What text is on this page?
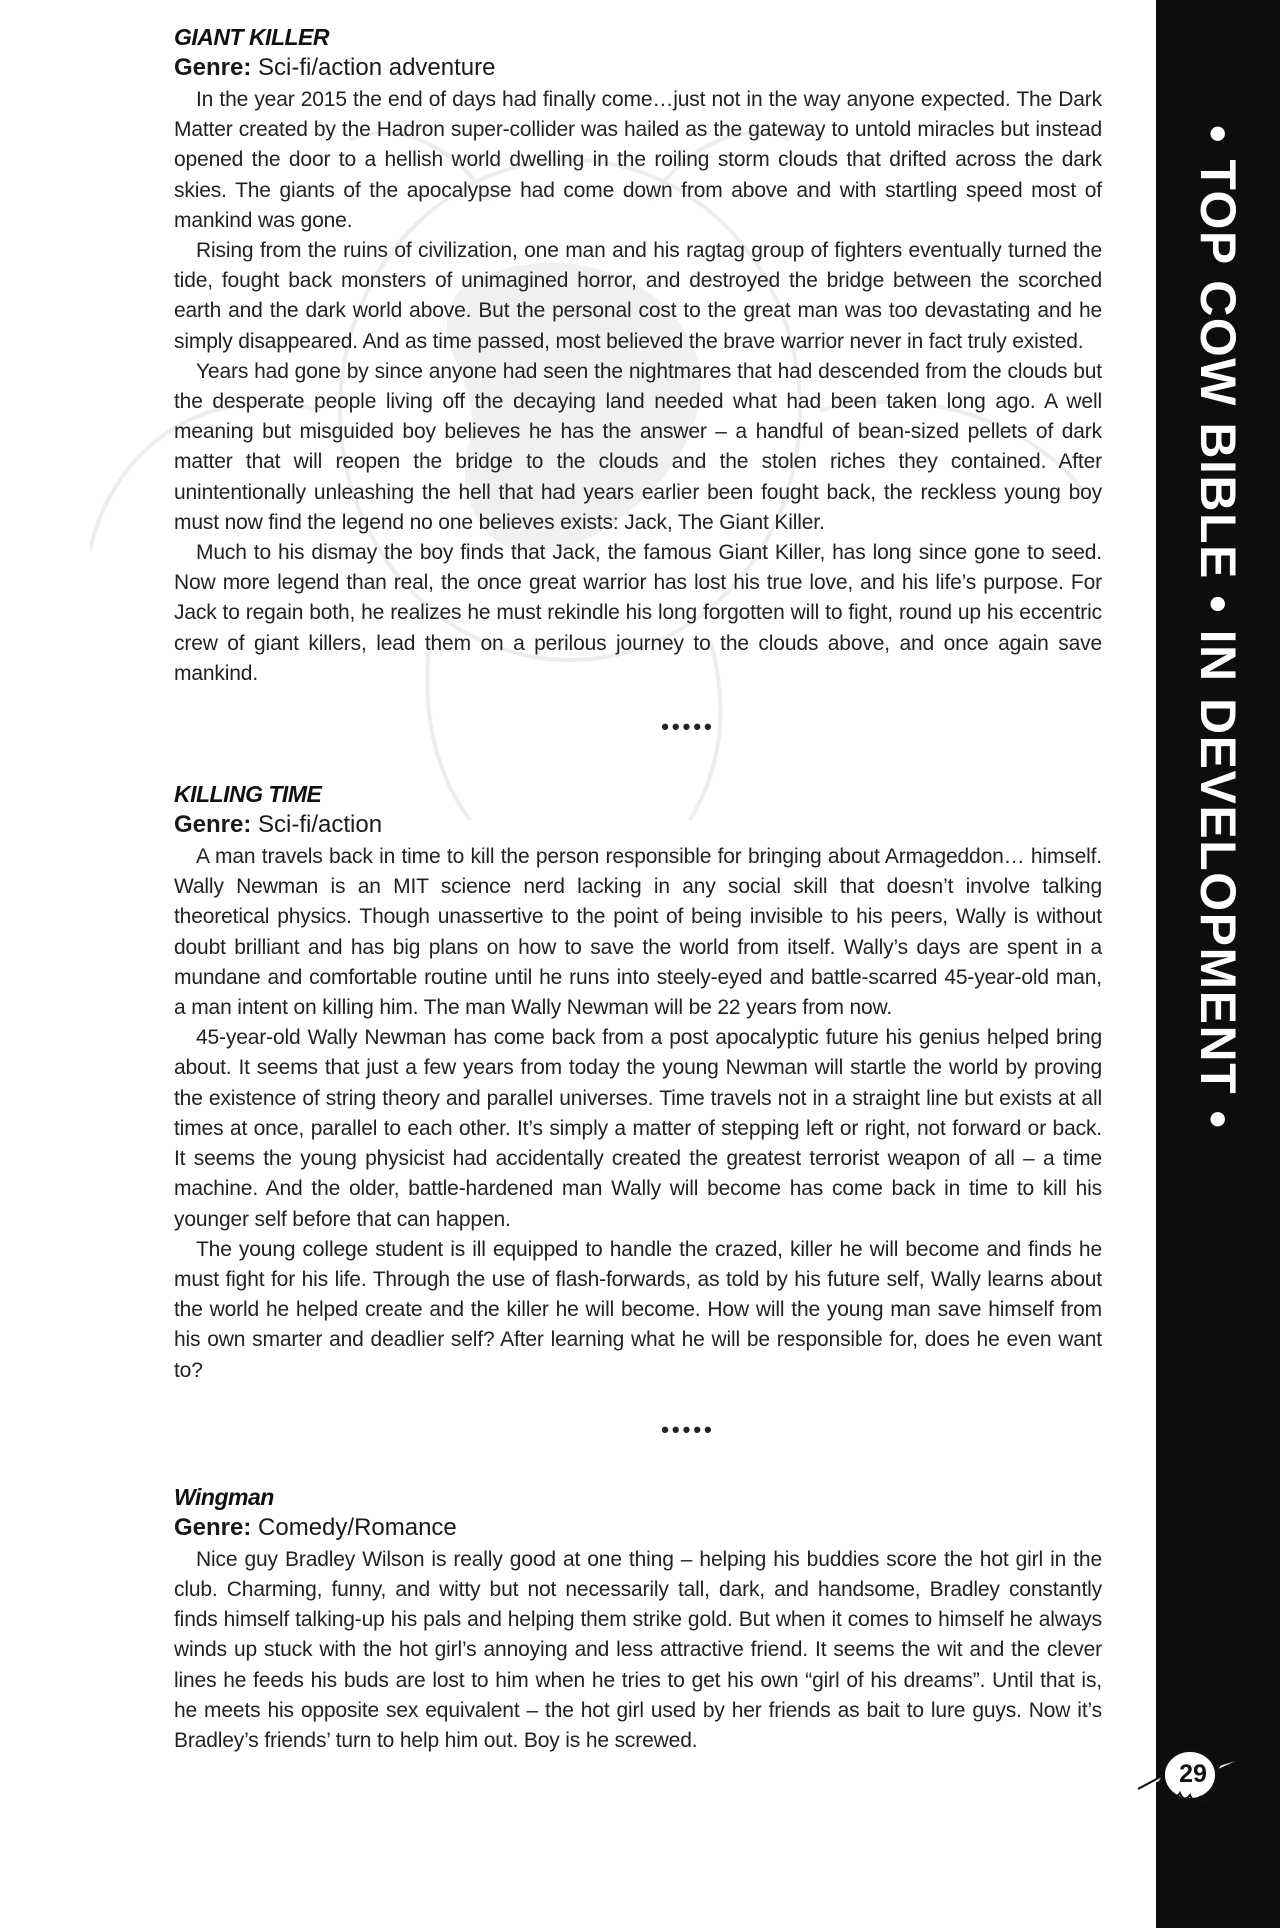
GIANT KILLER
Genre: Sci-fi/action adventure

In the year 2015 the end of days had finally come…just not in the way anyone expected. The Dark Matter created by the Hadron super-collider was hailed as the gateway to untold miracles but instead opened the door to a hellish world dwelling in the roiling storm clouds that drifted across the dark skies. The giants of the apocalypse had come down from above and with startling speed most of mankind was gone.

Rising from the ruins of civilization, one man and his ragtag group of fighters eventually turned the tide, fought back monsters of unimagined horror, and destroyed the bridge between the scorched earth and the dark world above. But the personal cost to the great man was too devastating and he simply disappeared. And as time passed, most believed the brave warrior never in fact truly existed.

Years had gone by since anyone had seen the nightmares that had descended from the clouds but the desperate people living off the decaying land needed what had been taken long ago. A well meaning but misguided boy believes he has the answer – a handful of bean-sized pellets of dark matter that will reopen the bridge to the clouds and the stolen riches they contained. After unintentionally unleashing the hell that had years earlier been fought back, the reckless young boy must now find the legend no one believes exists: Jack, The Giant Killer.

Much to his dismay the boy finds that Jack, the famous Giant Killer, has long since gone to seed. Now more legend than real, the once great warrior has lost his true love, and his life’s purpose. For Jack to regain both, he realizes he must rekindle his long forgotten will to fight, round up his eccentric crew of giant killers, lead them on a perilous journey to the clouds above, and once again save mankind.

•••••
KILLING TIME
Genre: Sci-fi/action

A man travels back in time to kill the person responsible for bringing about Armageddon… himself. Wally Newman is an MIT science nerd lacking in any social skill that doesn’t involve talking theoretical physics. Though unassertive to the point of being invisible to his peers, Wally is without doubt brilliant and has big plans on how to save the world from itself. Wally’s days are spent in a mundane and comfortable routine until he runs into steely-eyed and battle-scarred 45-year-old man, a man intent on killing him. The man Wally Newman will be 22 years from now.

45-year-old Wally Newman has come back from a post apocalyptic future his genius helped bring about. It seems that just a few years from today the young Newman will startle the world by proving the existence of string theory and parallel universes. Time travels not in a straight line but exists at all times at once, parallel to each other. It’s simply a matter of stepping left or right, not forward or back. It seems the young physicist had accidentally created the greatest terrorist weapon of all – a time machine. And the older, battle-hardened man Wally will become has come back in time to kill his younger self before that can happen.

The young college student is ill equipped to handle the crazed, killer he will become and finds he must fight for his life. Through the use of flash-forwards, as told by his future self, Wally learns about the world he helped create and the killer he will become. How will the young man save himself from his own smarter and deadlier self? After learning what he will be responsible for, does he even want to?

•••••
Wingman
Genre: Comedy/Romance

Nice guy Bradley Wilson is really good at one thing – helping his buddies score the hot girl in the club. Charming, funny, and witty but not necessarily tall, dark, and handsome, Bradley constantly finds himself talking-up his pals and helping them strike gold. But when it comes to himself he always winds up stuck with the hot girl’s annoying and less attractive friend. It seems the wit and the clever lines he feeds his buds are lost to him when he tries to get his own “girl of his dreams”. Until that is, he meets his opposite sex equivalent – the hot girl used by her friends as bait to lure guys. Now it’s Bradley’s friends’ turn to help him out. Boy is he screwed.

• TOP COW BIBLE • IN DEVELOPMENT •
29
